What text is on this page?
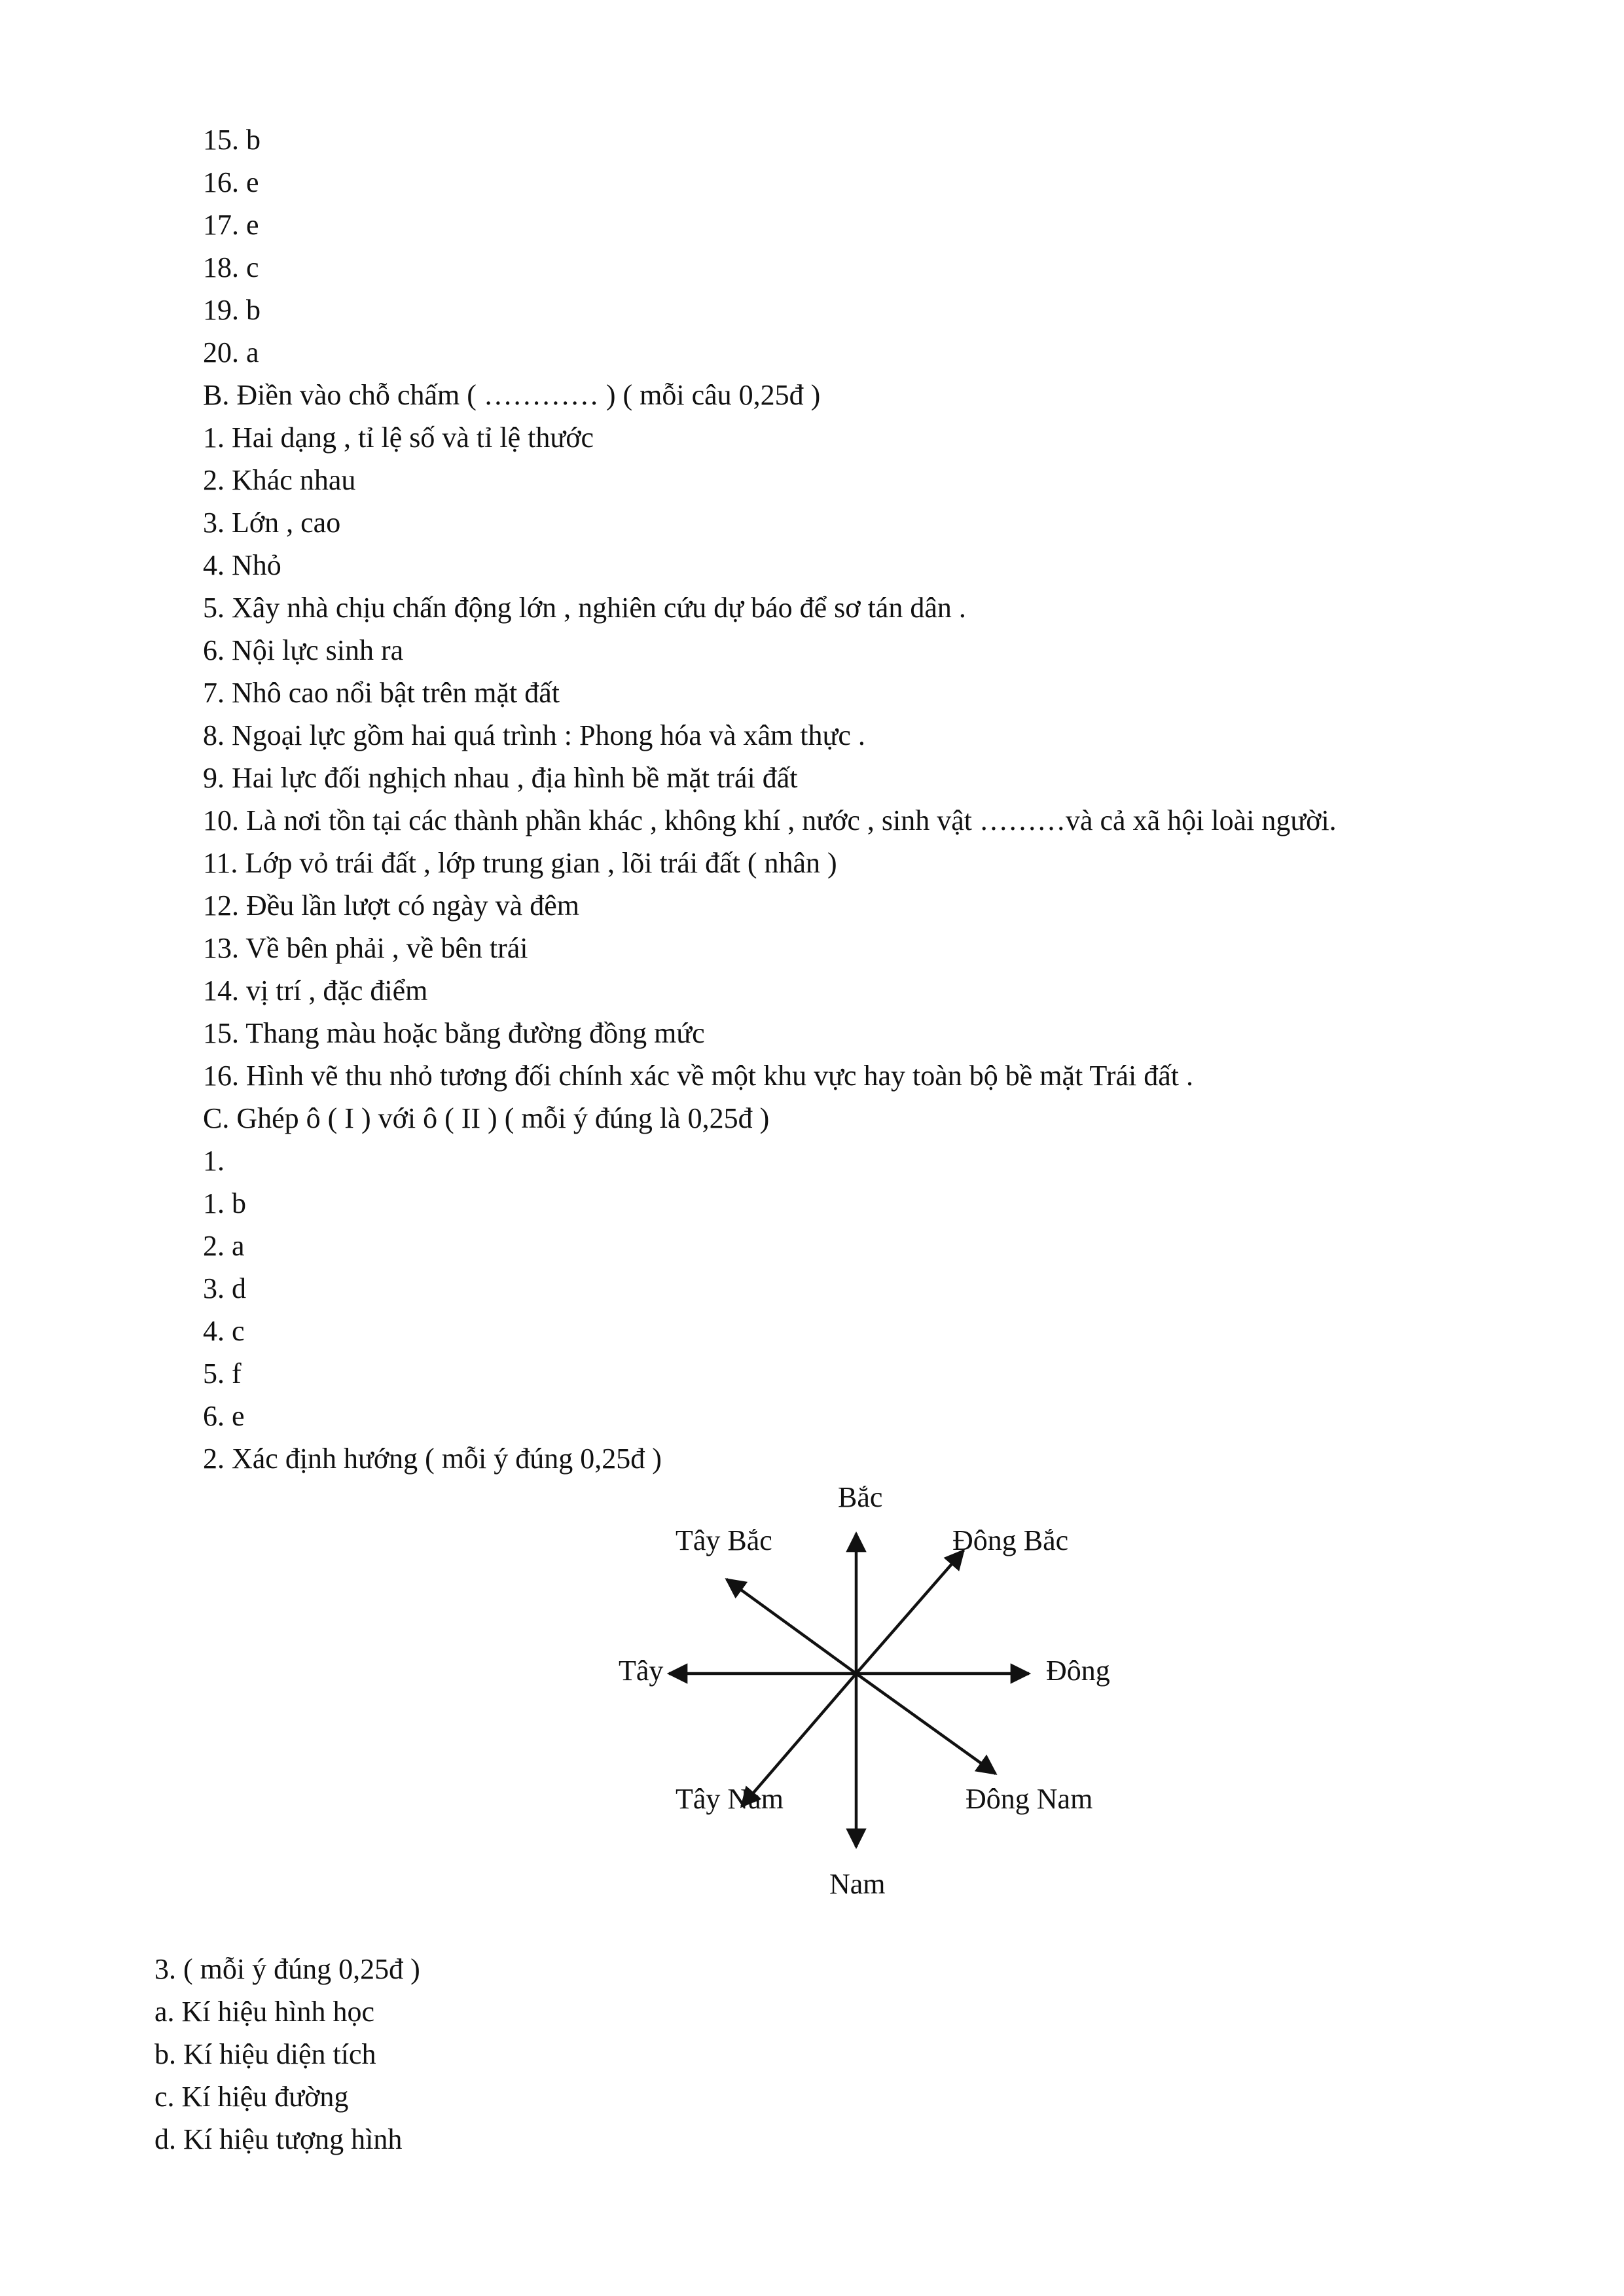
15. b
16. e
17. e
18. c
19. b
20. a
B. Điền vào chỗ chấm ( ………… ) ( mỗi câu 0,25đ )
1. Hai dạng , tỉ lệ số và tỉ lệ thước
2. Khác nhau
3. Lớn , cao
4. Nhỏ
5. Xây nhà chịu chấn động lớn , nghiên cứu dự báo để sơ tán dân .
6. Nội lực sinh ra
7. Nhô cao nổi bật trên mặt đất
8. Ngoại lực gồm hai quá trình : Phong hóa và xâm thực .
9. Hai lực đối nghịch nhau , địa hình bề mặt trái đất
10. Là nơi tồn tại các thành phần khác , không khí , nước , sinh vật ………và cả xã hội loài người.
11. Lớp vỏ trái đất , lớp trung gian , lõi trái đất ( nhân )
12. Đều lần lượt có ngày và đêm
13. Về bên phải , về bên trái
14. vị trí , đặc điểm
15. Thang màu hoặc bằng đường đồng mức
16. Hình vẽ thu nhỏ tương đối chính xác về một khu vực hay toàn bộ bề mặt Trái đất .
C. Ghép ô ( I ) với ô ( II ) ( mỗi ý đúng là 0,25đ )
1.
1. b
2. a
3. d
4. c
5. f
6. e
2. Xác định hướng ( mỗi ý đúng 0,25đ )
Bắc
Đông Bắc
Tây Bắc
Tây	Đông
Tây Nam	Đông Nam
Nam
3. ( mỗi ý đúng 0,25đ )
a. Kí hiệu hình học
b. Kí hiệu diện tích
c. Kí hiệu đường
d. Kí hiệu tượng hình
